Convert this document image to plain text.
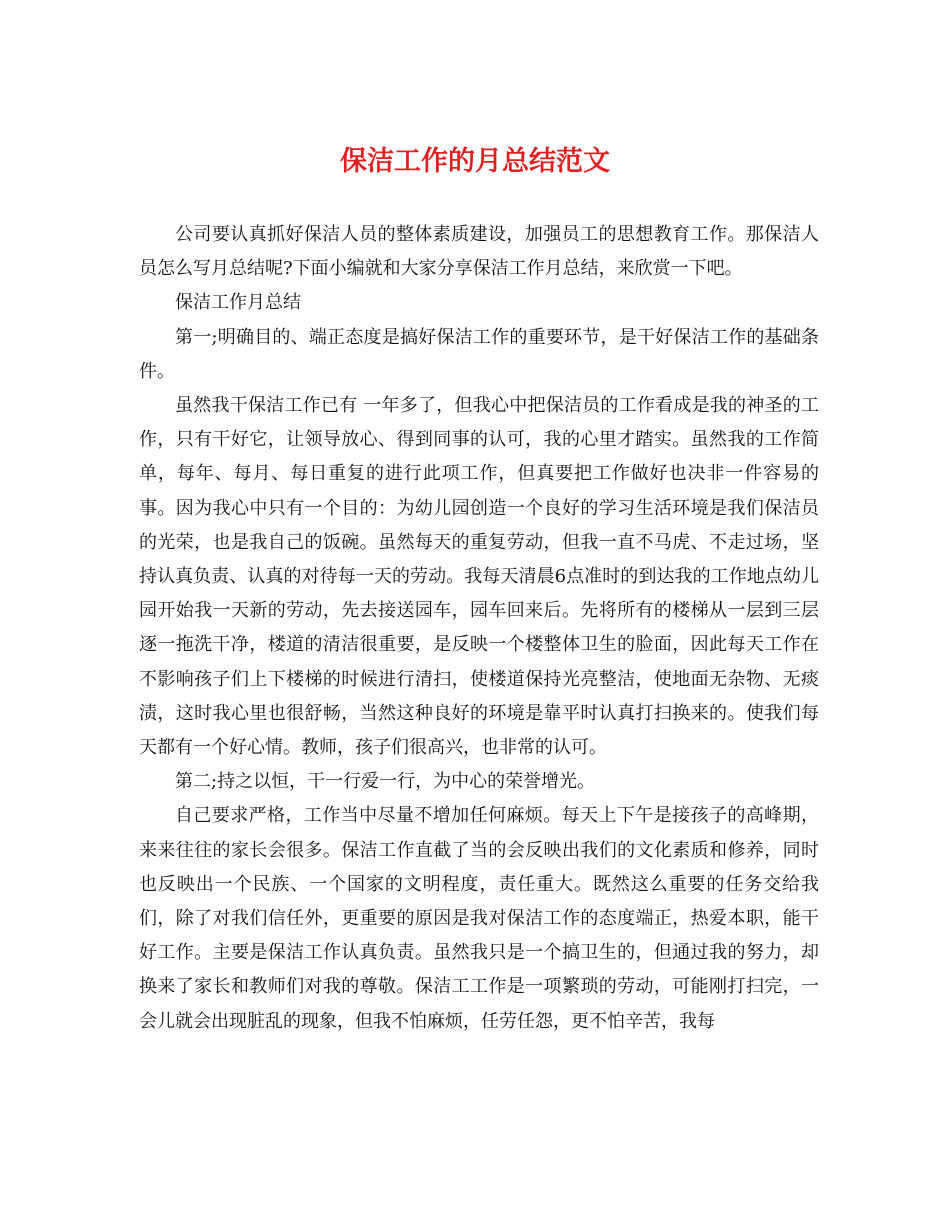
保洁工作的月总结范文

公司要认真抓好保洁人员的整体素质建设，加强员工的思想教育工作。那保洁人员怎么写月总结呢?下面小编就和大家分享保洁工作月总结，来欣赏一下吧。

保洁工作月总结

第一;明确目的、端正态度是搞好保洁工作的重要环节，是干好保洁工作的基础条件。

虽然我干保洁工作已有 一年多了，但我心中把保洁员的工作看成是我的神圣的工作，只有干好它，让领导放心、得到同事的认可，我的心里才踏实。虽然我的工作简单，每年、每月、每日重复的进行此项工作，但真要把工作做好也决非一件容易的事。因为我心中只有一个目的：为幼儿园创造一个良好的学习生活环境是我们保洁员的光荣，也是我自己的饭碗。虽然每天的重复劳动，但我一直不马虎、不走过场，坚持认真负责、认真的对待每一天的劳动。我每天清晨6点准时的到达我的工作地点幼儿园开始我一天新的劳动，先去接送园车，园车回来后。先将所有的楼梯从一层到三层逐一拖洗干净，楼道的清洁很重要，是反映一个楼整体卫生的脸面，因此每天工作在不影响孩子们上下楼梯的时候进行清扫，使楼道保持光亮整洁，使地面无杂物、无痰渍，这时我心里也很舒畅，当然这种良好的环境是靠平时认真打扫换来的。使我们每天都有一个好心情。教师，孩子们很高兴，也非常的认可。

第二;持之以恒，干一行爱一行，为中心的荣誉增光。

自己要求严格，工作当中尽量不增加任何麻烦。每天上下午是接孩子的高峰期，来来往往的家长会很多。保洁工作直截了当的会反映出我们的文化素质和修养，同时也反映出一个民族、一个国家的文明程度，责任重大。既然这么重要的任务交给我们，除了对我们信任外，更重要的原因是我对保洁工作的态度端正，热爱本职，能干好工作。主要是保洁工作认真负责。虽然我只是一个搞卫生的，但通过我的努力，却换来了家长和教师们对我的尊敬。保洁工工作是一项繁琐的劳动，可能刚打扫完，一会儿就会出现脏乱的现象，但我不怕麻烦，任劳任怨，更不怕辛苦，我每
